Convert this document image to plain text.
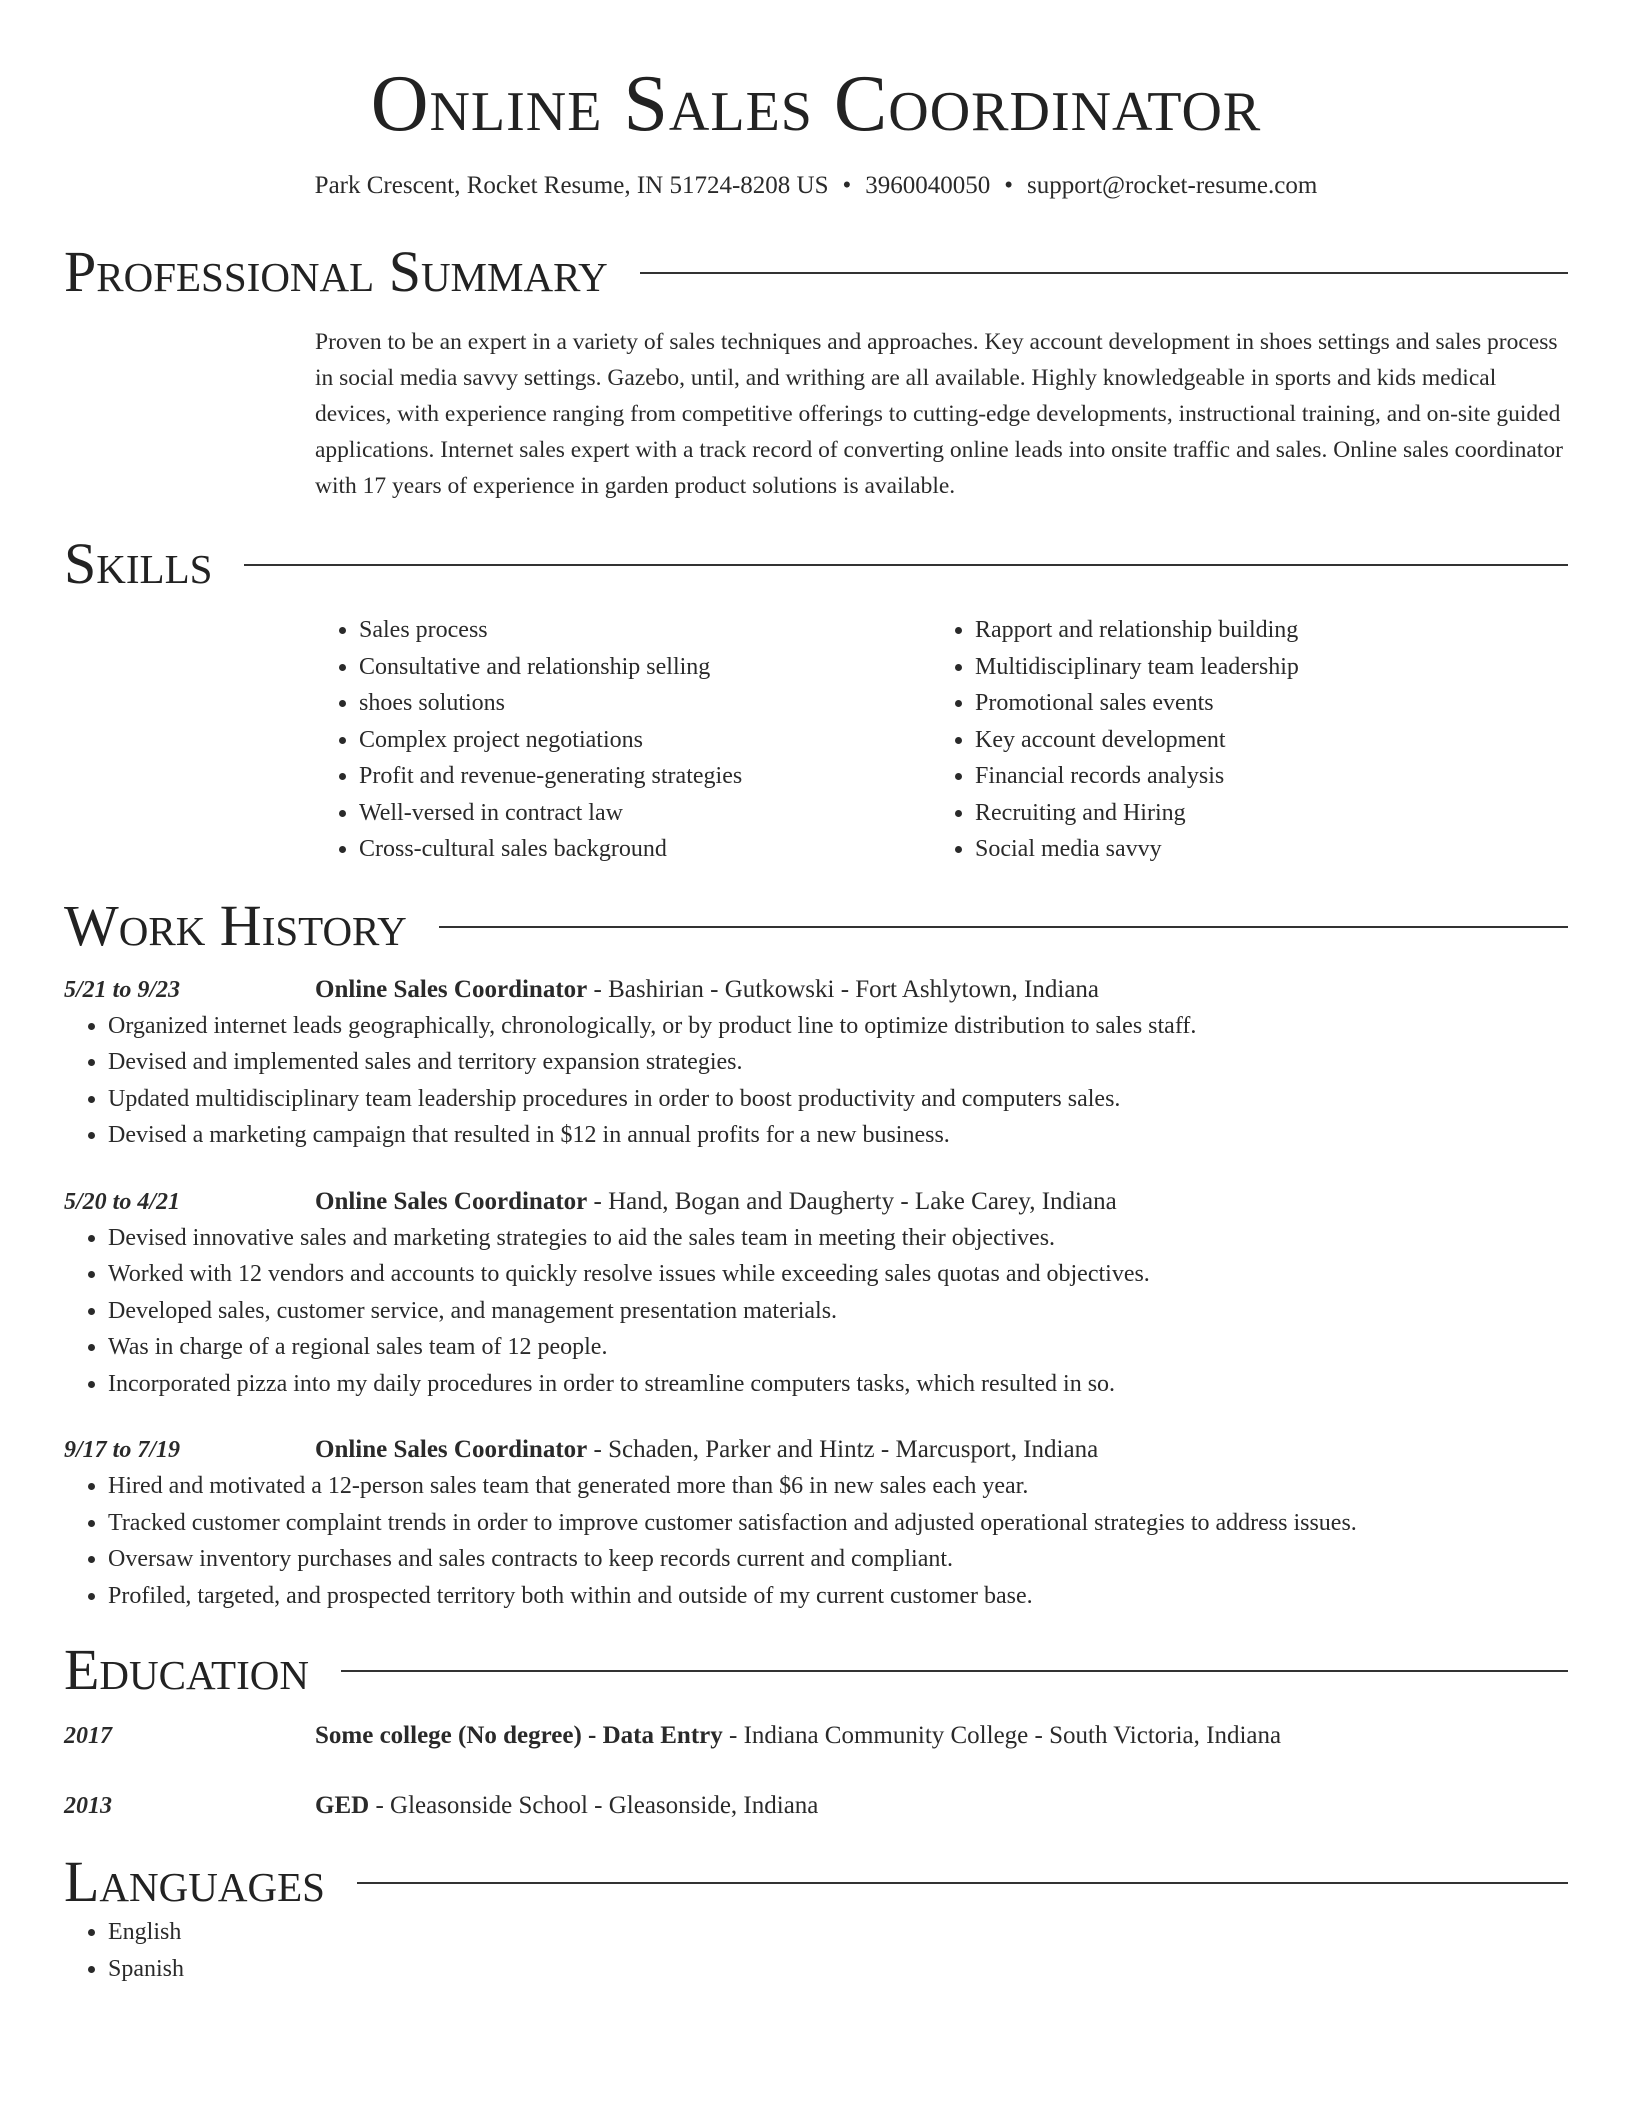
Online Sales Coordinator
Park Crescent, Rocket Resume, IN 51724-8208 US • 3960040050 • support@rocket-resume.com
Professional Summary
Proven to be an expert in a variety of sales techniques and approaches. Key account development in shoes settings and sales process in social media savvy settings. Gazebo, until, and writhing are all available. Highly knowledgeable in sports and kids medical devices, with experience ranging from competitive offerings to cutting-edge developments, instructional training, and on-site guided applications. Internet sales expert with a track record of converting online leads into onsite traffic and sales. Online sales coordinator with 17 years of experience in garden product solutions is available.
Skills
• Sales process
• Consultative and relationship selling
• shoes solutions
• Complex project negotiations
• Profit and revenue-generating strategies
• Well-versed in contract law
• Cross-cultural sales background
• Rapport and relationship building
• Multidisciplinary team leadership
• Promotional sales events
• Key account development
• Financial records analysis
• Recruiting and Hiring
• Social media savvy
Work History
5/21 to 9/23	Online Sales Coordinator - Bashirian - Gutkowski - Fort Ashlytown, Indiana
• Organized internet leads geographically, chronologically, or by product line to optimize distribution to sales staff.
• Devised and implemented sales and territory expansion strategies.
• Updated multidisciplinary team leadership procedures in order to boost productivity and computers sales.
• Devised a marketing campaign that resulted in $12 in annual profits for a new business.
5/20 to 4/21	Online Sales Coordinator - Hand, Bogan and Daugherty - Lake Carey, Indiana
• Devised innovative sales and marketing strategies to aid the sales team in meeting their objectives.
• Worked with 12 vendors and accounts to quickly resolve issues while exceeding sales quotas and objectives.
• Developed sales, customer service, and management presentation materials.
• Was in charge of a regional sales team of 12 people.
• Incorporated pizza into my daily procedures in order to streamline computers tasks, which resulted in so.
9/17 to 7/19	Online Sales Coordinator - Schaden, Parker and Hintz - Marcusport, Indiana
• Hired and motivated a 12-person sales team that generated more than $6 in new sales each year.
• Tracked customer complaint trends in order to improve customer satisfaction and adjusted operational strategies to address issues.
• Oversaw inventory purchases and sales contracts to keep records current and compliant.
• Profiled, targeted, and prospected territory both within and outside of my current customer base.
Education
2017	Some college (No degree) - Data Entry - Indiana Community College - South Victoria, Indiana
2013	GED - Gleasonside School - Gleasonside, Indiana
Languages
• English
• Spanish
